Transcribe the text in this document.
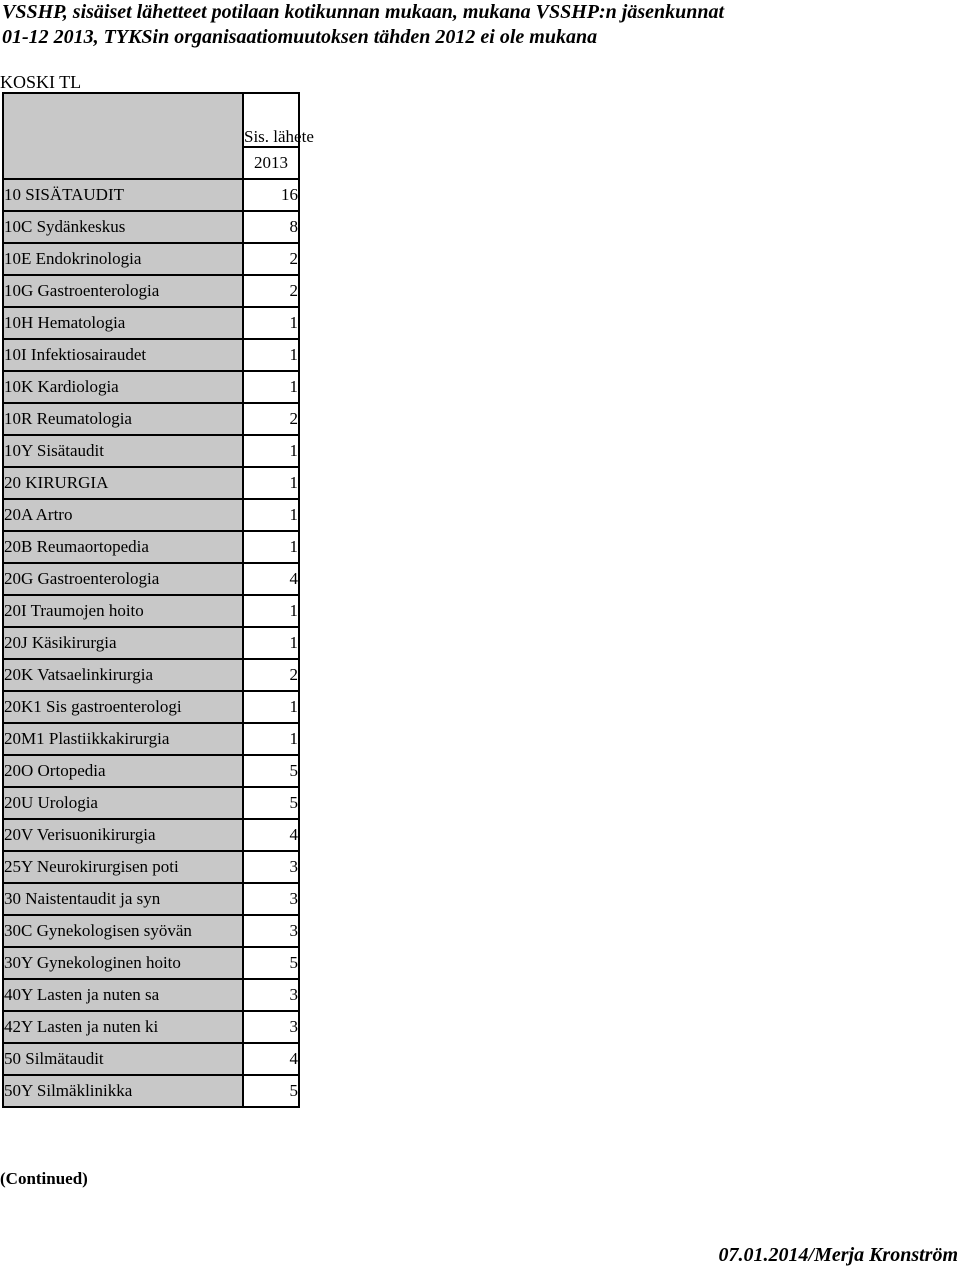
VSSHP, sisäiset lähetteet potilaan kotikunnan mukaan, mukana VSSHP:n jäsenkunnat
01-12 2013, TYKSin organisaatiomuutoksen tähden 2012 ei ole mukana
KOSKI TL
	Sis. lähete
	2013
10 SISÄTAUDIT	16
10C Sydänkeskus	8
10E Endokrinologia	2
10G Gastroenterologia	2
10H Hematologia	1
10I Infektiosairaudet	1
10K Kardiologia	1
10R Reumatologia	2
10Y Sisätaudit	1
20 KIRURGIA	1
20A Artro	1
20B Reumaortopedia	1
20G Gastroenterologia	4
20I Traumojen hoito	1
20J Käsikirurgia	1
20K Vatsaelinkirurgia	2
20K1 Sis gastroenterologi	1
20M1 Plastiikkakirurgia	1
20O Ortopedia	5
20U Urologia	5
20V Verisuonikirurgia	4
25Y Neurokirurgisen poti	3
30 Naistentaudit ja syn	3
30C Gynekologisen syövän	3
30Y Gynekologinen hoito	5
40Y Lasten ja nuten sa	3
42Y Lasten ja nuten ki	3
50 Silmätaudit	4
50Y Silmäklinikka	5
(Continued)
07.01.2014/Merja Kronström
